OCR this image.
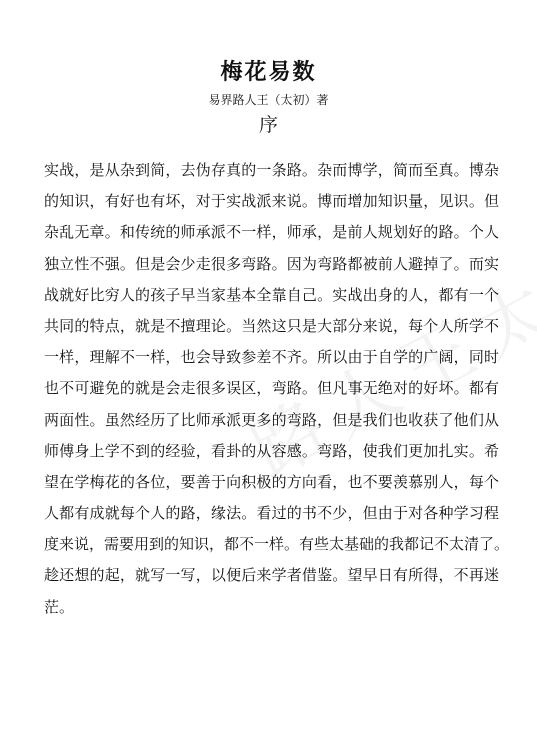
梅花易数
易界路人王（太初）著
序
实战，是从杂到简，去伪存真的一条路。杂而博学，简而至真。博杂
的知识，有好也有坏，对于实战派来说。博而增加知识量，见识。但
杂乱无章。和传统的师承派不一样，师承，是前人规划好的路。个人
独立性不强。但是会少走很多弯路。因为弯路都被前人避掉了。而实
战就好比穷人的孩子早当家基本全靠自己。实战出身的人，都有一个
共同的特点，就是不擅理论。当然这只是大部分来说，每个人所学不
一样，理解不一样，也会导致参差不齐。所以由于自学的广阔，同时
也不可避免的就是会走很多误区，弯路。但凡事无绝对的好坏。都有
两面性。虽然经历了比师承派更多的弯路，但是我们也收获了他们从
师傅身上学不到的经验，看卦的从容感。弯路，使我们更加扎实。希
望在学梅花的各位，要善于向积极的方向看，也不要羡慕别人，每个
人都有成就每个人的路，缘法。看过的书不少，但由于对各种学习程
度来说，需要用到的知识，都不一样。有些太基础的我都记不太清了。
趁还想的起，就写一写，以便后来学者借鉴。望早日有所得，不再迷
茫。
